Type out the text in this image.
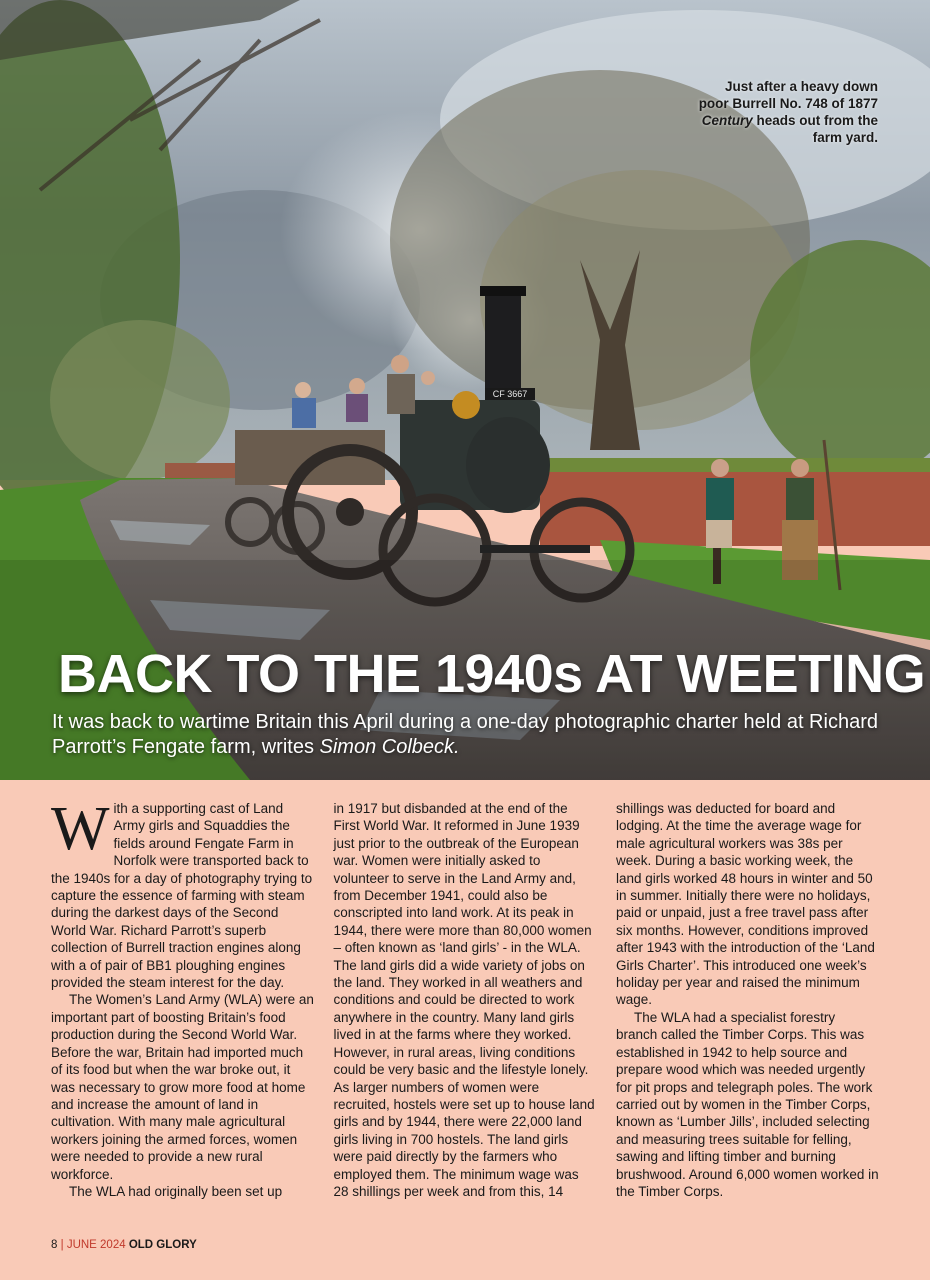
CF 3667
Just after a heavy down
poor Burrell No. 748 of 1877
Century heads out from the
farm yard.
BACK TO THE 1940s AT WEETING

It was back to wartime Britain this April during a one-day photographic charter held at Richard Parrott’s Fengate farm, writes Simon Colbeck.

With a supporting cast of Land Army girls and Squaddies the fields around Fengate Farm in Norfolk were transported back to the 1940s for a day of photography trying to capture the essence of farming with steam during the darkest days of the Second World War. Richard Parrott’s superb collection of Burrell traction engines along with a of pair of BB1 ploughing engines provided the steam interest for the day.

The Women’s Land Army (WLA) were an important part of boosting Britain’s food production during the Second World War. Before the war, Britain had imported much of its food but when the war broke out, it was necessary to grow more food at home and increase the amount of land in cultivation. With many male agricultural workers joining the armed forces, women were needed to provide a new rural workforce.

The WLA had originally been set up

in 1917 but disbanded at the end of the First World War. It reformed in June 1939 just prior to the outbreak of the European war. Women were initially asked to volunteer to serve in the Land Army and, from December 1941, could also be conscripted into land work. At its peak in 1944, there were more than 80,000 women – often known as ‘land girls’ - in the WLA. The land girls did a wide variety of jobs on the land. They worked in all weathers and conditions and could be directed to work anywhere in the country. Many land girls lived in at the farms where they worked. However, in rural areas, living conditions could be very basic and the lifestyle lonely. As larger numbers of women were recruited, hostels were set up to house land girls and by 1944, there were 22,000 land girls living in 700 hostels. The land girls were paid directly by the farmers who employed them. The minimum wage was 28 shillings per week and from this, 14

shillings was deducted for board and lodging. At the time the average wage for male agricultural workers was 38s per week. During a basic working week, the land girls worked 48 hours in winter and 50 in summer. Initially there were no holidays, paid or unpaid, just a free travel pass after six months. However, conditions improved after 1943 with the introduction of the ‘Land Girls Charter’. This introduced one week’s holiday per year and raised the minimum wage.

The WLA had a specialist forestry branch called the Timber Corps. This was established in 1942 to help source and prepare wood which was needed urgently for pit props and telegraph poles. The work carried out by women in the Timber Corps, known as ‘Lumber Jills’, included selecting and measuring trees suitable for felling, sawing and lifting timber and burning brushwood. Around 6,000 women worked in the Timber Corps.

8 | JUNE 2024 OLD GLORY
